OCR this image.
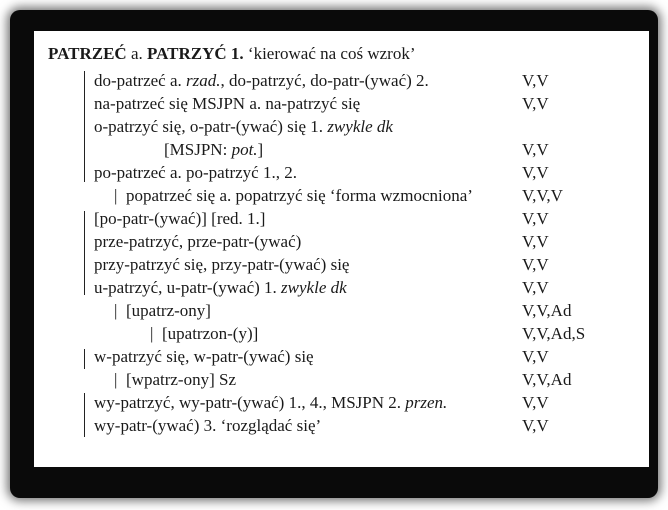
PATRZEĆ a. PATRZYĆ 1. ‘kierować na coś wzrok’
do-patrzeć a. rzad., do-patrzyć, do-patr-(ywać) 2.	V,V
na-patrzeć się MSJPN a. na-patrzyć się	V,V
o-patrzyć się, o-patr-(ywać) się 1. zwykle dk
[MSJPN: pot.]	V,V
po-patrzeć a. po-patrzyć 1., 2.	V,V
| popatrzeć się a. popatrzyć się ‘forma wzmocniona’	V,V,V
[po-patr-(ywać)] [red. 1.]	V,V
prze-patrzyć, prze-patr-(ywać)	V,V
przy-patrzyć się, przy-patr-(ywać) się	V,V
u-patrzyć, u-patr-(ywać) 1. zwykle dk	V,V
| [upatrz-ony]	V,V,Ad
| [upatrzon-(y)]	V,V,Ad,S
w-patrzyć się, w-patr-(ywać) się	V,V
| [wpatrz-ony] Sz	V,V,Ad
wy-patrzyć, wy-patr-(ywać) 1., 4., MSJPN 2. przen.	V,V
wy-patr-(ywać) 3. ‘rozglądać się’	V,V
